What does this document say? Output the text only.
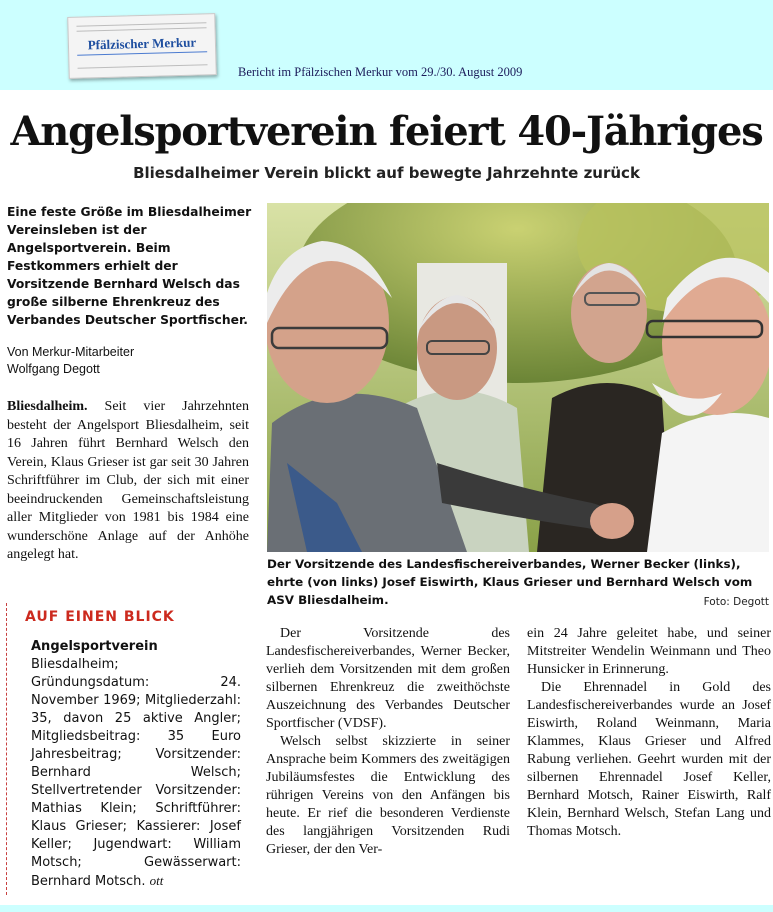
Pfälzischer Merkur
Bericht im Pfälzischen Merkur vom 29./30. August 2009
Angelsportverein feiert 40-Jähriges
Bliesdalheimer Verein blickt auf bewegte Jahrzehnte zurück

Eine feste Größe im Bliesdalheimer Vereinsleben ist der Angelsportverein. Beim Festkommers erhielt der Vorsitzende Bernhard Welsch das große silberne Ehrenkreuz des Verbandes Deutscher Sportfischer.

Von Merkur-Mitarbeiter
Wolfgang Degott

Bliesdalheim. Seit vier Jahrzehnten besteht der Angelsport Bliesdalheim, seit 16 Jahren führt Bernhard Welsch den Verein, Klaus Grieser ist gar seit 30 Jahren Schriftführer im Club, der sich mit einer beeindruckenden Gemeinschaftsleistung aller Mitglieder von 1981 bis 1984 eine wunderschöne Anlage auf der Anhöhe angelegt hat.

Der Vorsitzende des Landesfischereiverbandes, Werner Becker (links), ehrte (von links) Josef Eiswirth, Klaus Grieser und Bernhard Welsch vom ASV Bliesdalheim.	Foto: Degott
AUF EINEN BLICK

Angelsportverein Bliesdalheim; Gründungsdatum: 24. November 1969; Mitgliederzahl: 35, davon 25 aktive Angler; Mitgliedsbeitrag: 35 Euro Jahresbeitrag; Vorsitzender: Bernhard Welsch; Stellvertretender Vorsitzender: Mathias Klein; Schriftführer: Klaus Grieser; Kassierer: Josef Keller; Jugendwart: William Motsch; Gewässerwart: Bernhard Motsch. ott

Der Vorsitzende des Landesfischereiverbandes, Werner Becker, verlieh dem Vorsitzenden mit dem großen silbernen Ehrenkreuz die zweithöchste Auszeichnung des Verbandes Deutscher Sportfischer (VDSF).

Welsch selbst skizzierte in seiner Ansprache beim Kommers des zweitägigen Jubiläumsfestes die Entwicklung des rührigen Vereins von den Anfängen bis heute. Er rief die besonderen Verdienste des langjährigen Vorsitzenden Rudi Grieser, der den Ver-

ein 24 Jahre geleitet habe, und seiner Mitstreiter Wendelin Weinmann und Theo Hunsicker in Erinnerung.

Die Ehrennadel in Gold des Landesfischereiverbandes wurde an Josef Eiswirth, Roland Weinmann, Maria Klammes, Klaus Grieser und Alfred Rabung verliehen. Geehrt wurden mit der silbernen Ehrennadel Josef Keller, Bernhard Motsch, Rainer Eiswirth, Ralf Klein, Bernhard Welsch, Stefan Lang und Thomas Motsch.
